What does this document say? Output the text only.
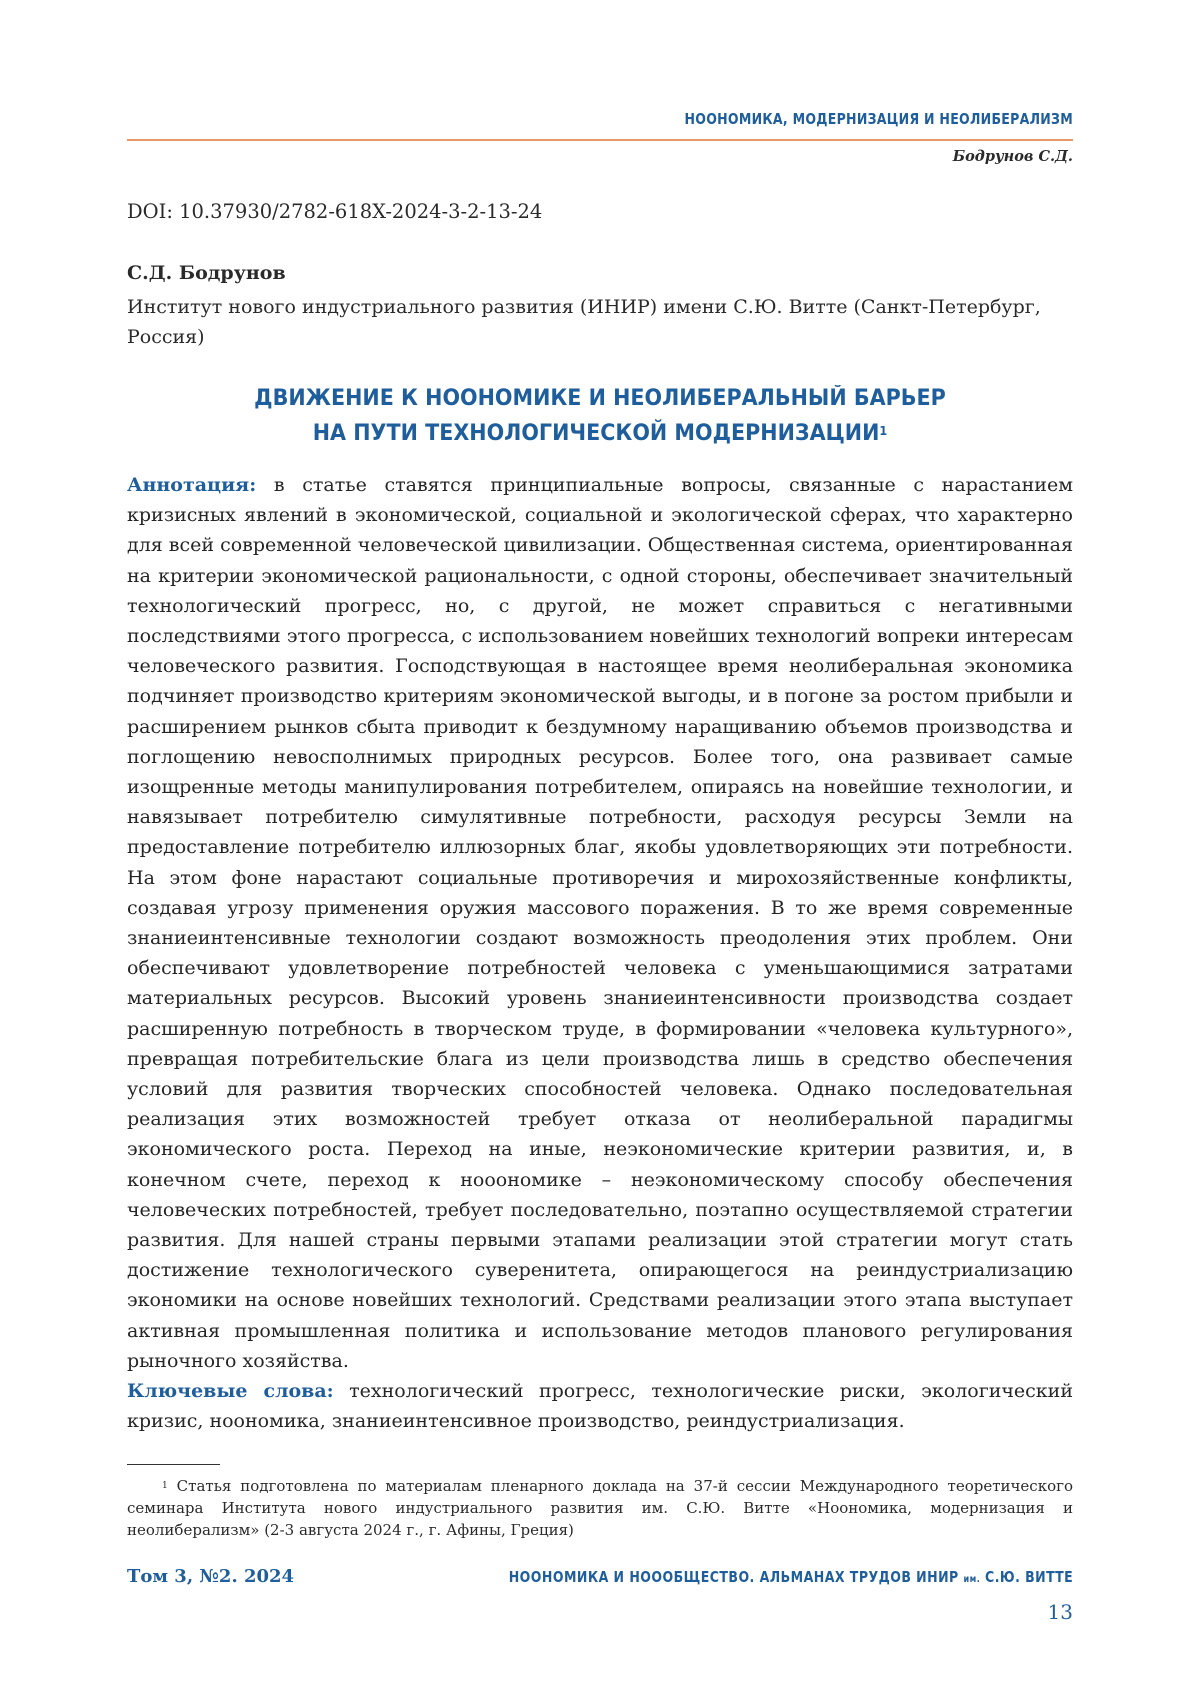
НООНОМИКА, МОДЕРНИЗАЦИЯ И НЕОЛИБЕРАЛИЗМ
Бодрунов С.Д.
DOI: 10.37930/2782-618X-2024-3-2-13-24
С.Д. Бодрунов
Институт нового индустриального развития (ИНИР) имени С.Ю. Витте (Санкт-Петербург, Россия)
ДВИЖЕНИЕ К НООНОМИКЕ И НЕОЛИБЕРАЛЬНЫЙ БАРЬЕР
НА ПУТИ ТЕХНОЛОГИЧЕСКОЙ МОДЕРНИЗАЦИИ1
Аннотация: в статье ставятся принципиальные вопросы, связанные с нарастанием кризисных явлений в экономической, социальной и экологической сферах, что характерно для всей современной человеческой цивилизации. Общественная система, ориентированная на критерии экономической рациональности, с одной стороны, обеспечивает значительный технологический прогресс, но, с другой, не может справиться с негативными последствиями этого прогресса, с использованием новейших технологий вопреки интересам человеческого развития. Господствующая в настоящее время неолиберальная экономика подчиняет производство критериям экономической выгоды, и в погоне за ростом прибыли и расширением рынков сбыта приводит к бездумному наращиванию объемов производства и поглощению невосполнимых природных ресурсов. Более того, она развивает самые изощренные методы манипулирования потребителем, опираясь на новейшие технологии, и навязывает потребителю симулятивные потребности, расходуя ресурсы Земли на предоставление потребителю иллюзорных благ, якобы удовлетворяющих эти потребности. На этом фоне нарастают социальные противоречия и мирохозяйственные конфликты, создавая угрозу применения оружия массового поражения. В то же время современные знаниеинтенсивные технологии создают возможность преодоления этих проблем. Они обеспечивают удовлетворение потребностей человека с уменьшающимися затратами материальных ресурсов. Высокий уровень знаниеинтенсивности производства создает расширенную потребность в творческом труде, в формировании «человека культурного», превращая потребительские блага из цели производства лишь в средство обеспечения условий для развития творческих способностей человека. Однако последовательная реализация этих возможностей требует отказа от неолиберальной парадигмы экономического роста. Переход на иные, неэкономические критерии развития, и, в конечном счете, переход к нооономике – неэкономическому способу обеспечения человеческих потребностей, требует последовательно, поэтапно осуществляемой стратегии развития. Для нашей страны первыми этапами реализации этой стратегии могут стать достижение технологического суверенитета, опирающегося на реиндустриализацию экономики на основе новейших технологий. Средствами реализации этого этапа выступает активная промышленная политика и использование методов планового регулирования рыночного хозяйства.
Ключевые слова: технологический прогресс, технологические риски, экологический кризис, ноономика, знаниеинтенсивное производство, реиндустриализация.
1 Статья подготовлена по материалам пленарного доклада на 37-й сессии Международного теоретического семинара Института нового индустриального развития им. С.Ю. Витте «Ноономика, модернизация и неолиберализм» (2-3 августа 2024 г., г. Афины, Греция)
Том 3, №2. 2024	НООНОМИКА И НООOБЩЕСТВО. АЛЬМАНАХ ТРУДОВ ИНИР им. С.Ю. ВИТТЕ
13
